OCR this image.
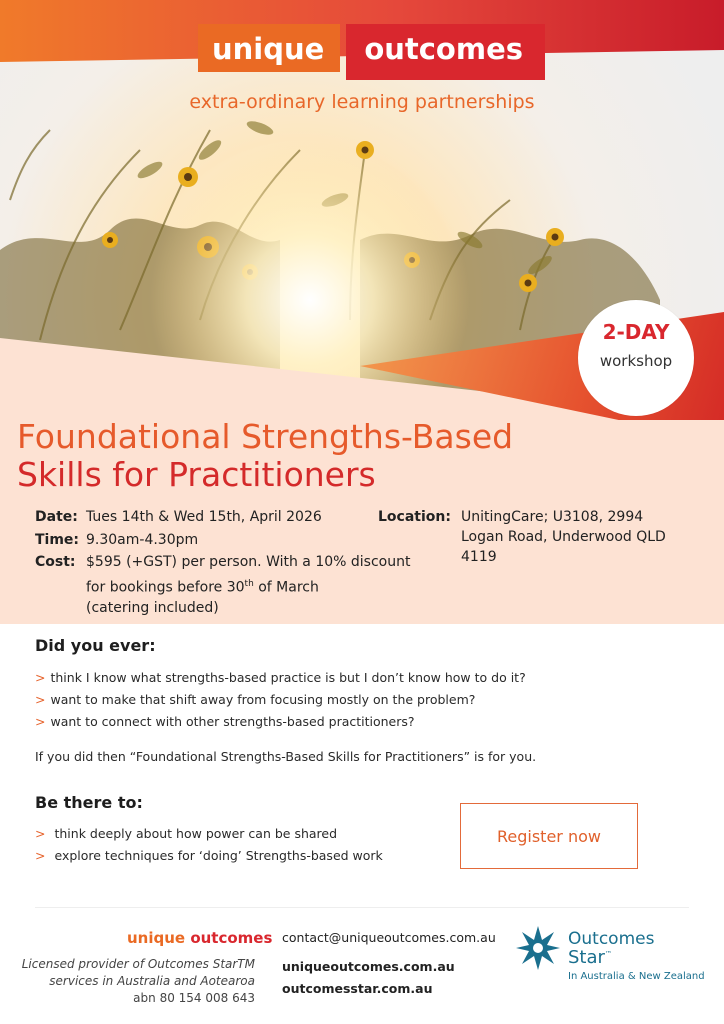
unique	outcomes
extra-ordinary learning partnerships
2-DAY
workshop
Foundational Strengths-Based
Skills for Practitioners
Date: Tues 14th & Wed 15th, April 2026
Time: 9.30am-4.30pm
Cost: $595 (+GST) per person. With a 10% discount
for bookings before 30th of March
(catering included)
Location: UnitingCare; U3108, 2994
Logan Road, Underwood QLD
4119
Did you ever:
> think I know what strengths-based practice is but I don’t know how to do it?
> want to make that shift away from focusing mostly on the problem?
> want to connect with other strengths-based practitioners?
If you did then “Foundational Strengths-Based Skills for Practitioners” is for you.
Be there to:
> think deeply about how power can be shared
> explore techniques for ‘doing’ Strengths-based work
Register now
unique outcomes
Licensed provider of Outcomes StarTM
services in Australia and Aotearoa
abn 80 154 008 643
contact@uniqueoutcomes.com.au
uniqueoutcomes.com.au
outcomesstar.com.au
Outcomes
Star™
In Australia & New Zealand
